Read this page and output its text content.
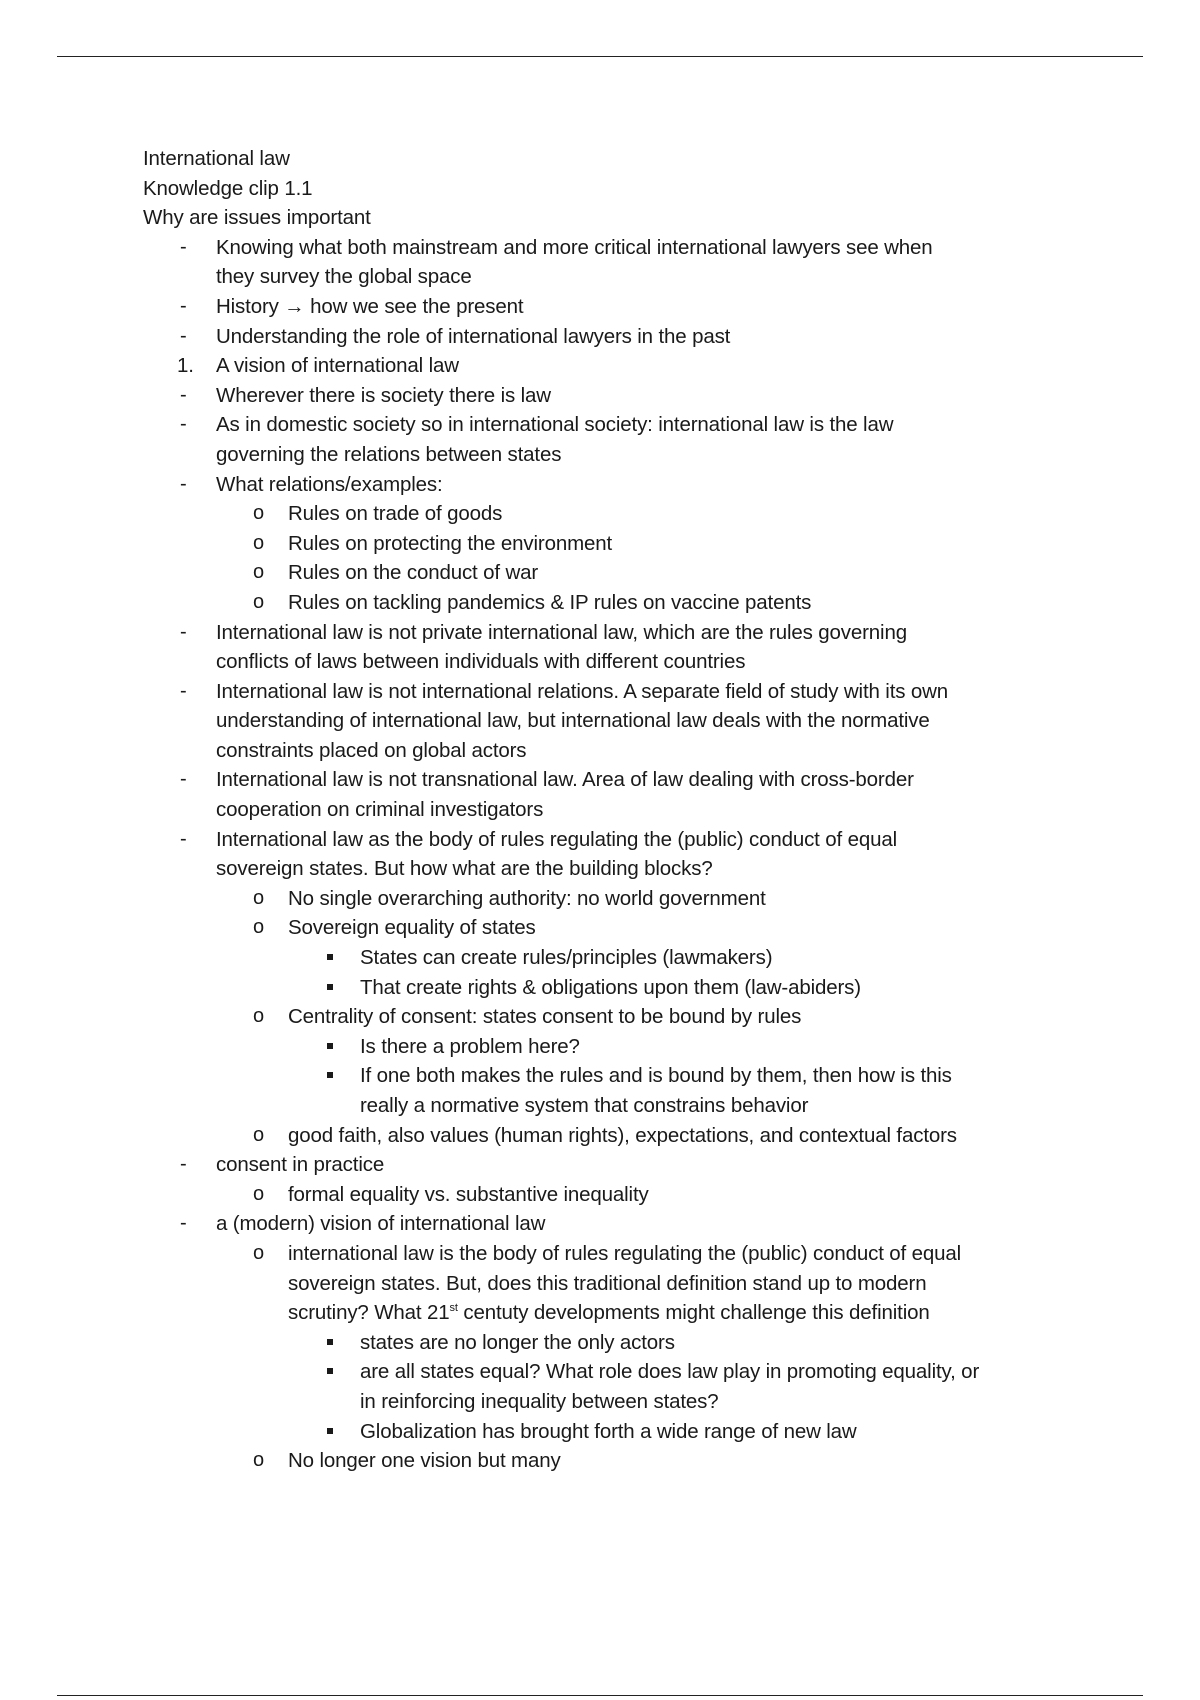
International law
Knowledge clip 1.1
Why are issues important
- Knowing what both mainstream and more critical international lawyers see when
they survey the global space
- History → how we see the present
- Understanding the role of international lawyers in the past
1. A vision of international law
- Wherever there is society there is law
- As in domestic society so in international society: international law is the law
governing the relations between states
- What relations/examples:
o Rules on trade of goods
o Rules on protecting the environment
o Rules on the conduct of war
o Rules on tackling pandemics & IP rules on vaccine patents
- International law is not private international law, which are the rules governing
conflicts of laws between individuals with different countries
- International law is not international relations. A separate field of study with its own
understanding of international law, but international law deals with the normative
constraints placed on global actors
- International law is not transnational law. Area of law dealing with cross-border
cooperation on criminal investigators
- International law as the body of rules regulating the (public) conduct of equal
sovereign states. But how what are the building blocks?
o No single overarching authority: no world government
o Sovereign equality of states
States can create rules/principles (lawmakers)
That create rights & obligations upon them (law-abiders)
o Centrality of consent: states consent to be bound by rules
Is there a problem here?
If one both makes the rules and is bound by them, then how is this
really a normative system that constrains behavior
o good faith, also values (human rights), expectations, and contextual factors
- consent in practice
o formal equality vs. substantive inequality
- a (modern) vision of international law
o international law is the body of rules regulating the (public) conduct of equal
sovereign states. But, does this traditional definition stand up to modern
scrutiny? What 21st centuty developments might challenge this definition
states are no longer the only actors
are all states equal? What role does law play in promoting equality, or
in reinforcing inequality between states?
Globalization has brought forth a wide range of new law
o No longer one vision but many
